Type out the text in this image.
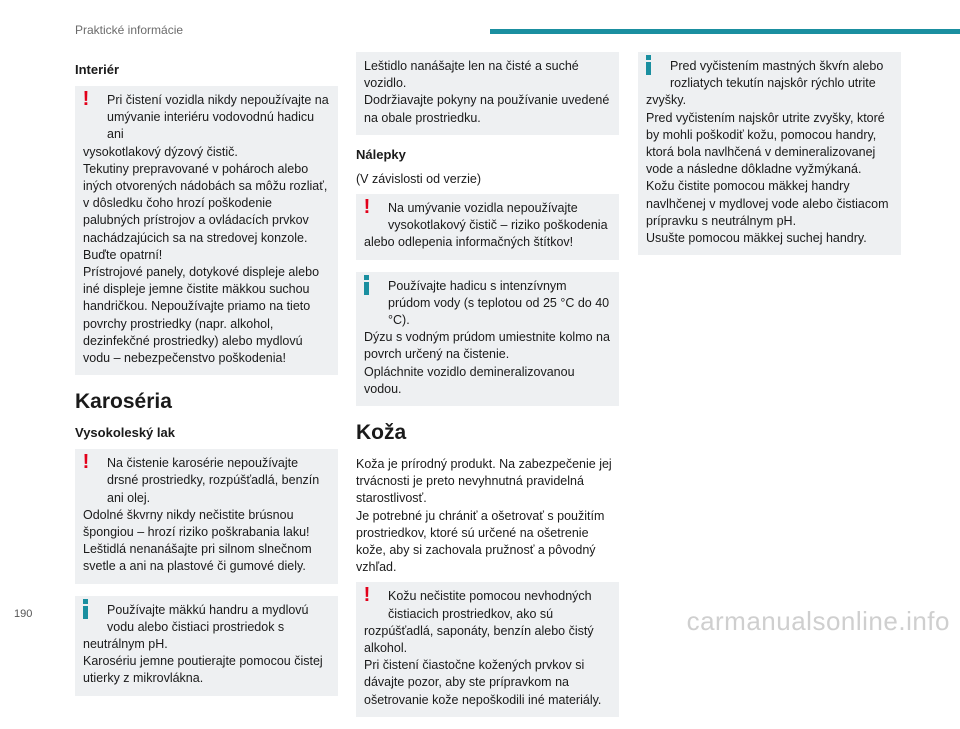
Praktické informácie
Interiér
!	Pri čistení vozidla nikdy nepoužívajte na umývanie interiéru vodovodnú hadicu ani
vysokotlakový dýzový čistič.
Tekutiny prepravované v pohároch alebo iných otvorených nádobách sa môžu rozliať, v dôsledku čoho hrozí poškodenie palubných prístrojov a ovládacích prvkov nachádzajúcich sa na stredovej konzole. Buďte opatrní!
Prístrojové panely, dotykové displeje alebo iné displeje jemne čistite mäkkou suchou handričkou. Nepoužívajte priamo na tieto povrchy prostriedky (napr. alkohol, dezinfekčné prostriedky) alebo mydlovú vodu – nebezpečenstvo poškodenia!
Karoséria
Vysokoleský lak
!	Na čistenie karosérie nepoužívajte drsné prostriedky, rozpúšťadlá, benzín ani olej.
Odolné škvrny nikdy nečistite brúsnou špongiou – hrozí riziko poškrabania laku!
Leštidlá nenanášajte pri silnom slnečnom svetle a ani na plastové či gumové diely.
Používajte mäkkú handru a mydlovú vodu alebo čistiaci prostriedok s
neutrálnym pH.
Karosériu jemne poutierajte pomocou čistej utierky z mikrovlákna.
Leštidlo nanášajte len na čisté a suché vozidlo.
Dodržiavajte pokyny na používanie uvedené na obale prostriedku.
Nálepky

(V závislosti od verzie)

!	Na umývanie vozidla nepoužívajte vysokotlakový čistič – riziko poškodenia
alebo odlepenia informačných štítkov!
Používajte hadicu s intenzívnym prúdom vody (s teplotou od 25 °C do 40 °C).
Dýzu s vodným prúdom umiestnite kolmo na povrch určený na čistenie.
Opláchnite vozidlo demineralizovanou vodou.
Koža

Koža je prírodný produkt. Na zabezpečenie jej trvácnosti je preto nevyhnutná pravidelná starostlivosť.
Je potrebné ju chrániť a ošetrovať s použitím prostriedkov, ktoré sú určené na ošetrenie kože, aby si zachovala pružnosť a pôvodný vzhľad.

!	Kožu nečistite pomocou nevhodných čistiacich prostriedkov, ako sú
rozpúšťadlá, saponáty, benzín alebo čistý alkohol.
Pri čistení čiastočne kožených prvkov si dávajte pozor, aby ste prípravkom na ošetrovanie kože nepoškodili iné materiály.
Pred vyčistením mastných škvŕn alebo rozliatych tekutín najskôr rýchlo utrite
zvyšky.
Pred vyčistením najskôr utrite zvyšky, ktoré by mohli poškodiť kožu, pomocou handry, ktorá bola navlhčená v demineralizovanej vode a následne dôkladne vyžmýkaná.
Kožu čistite pomocou mäkkej handry navlhčenej v mydlovej vode alebo čistiacom prípravku s neutrálnym pH.
Usušte pomocou mäkkej suchej handry.
190	carmanualsonline.info
